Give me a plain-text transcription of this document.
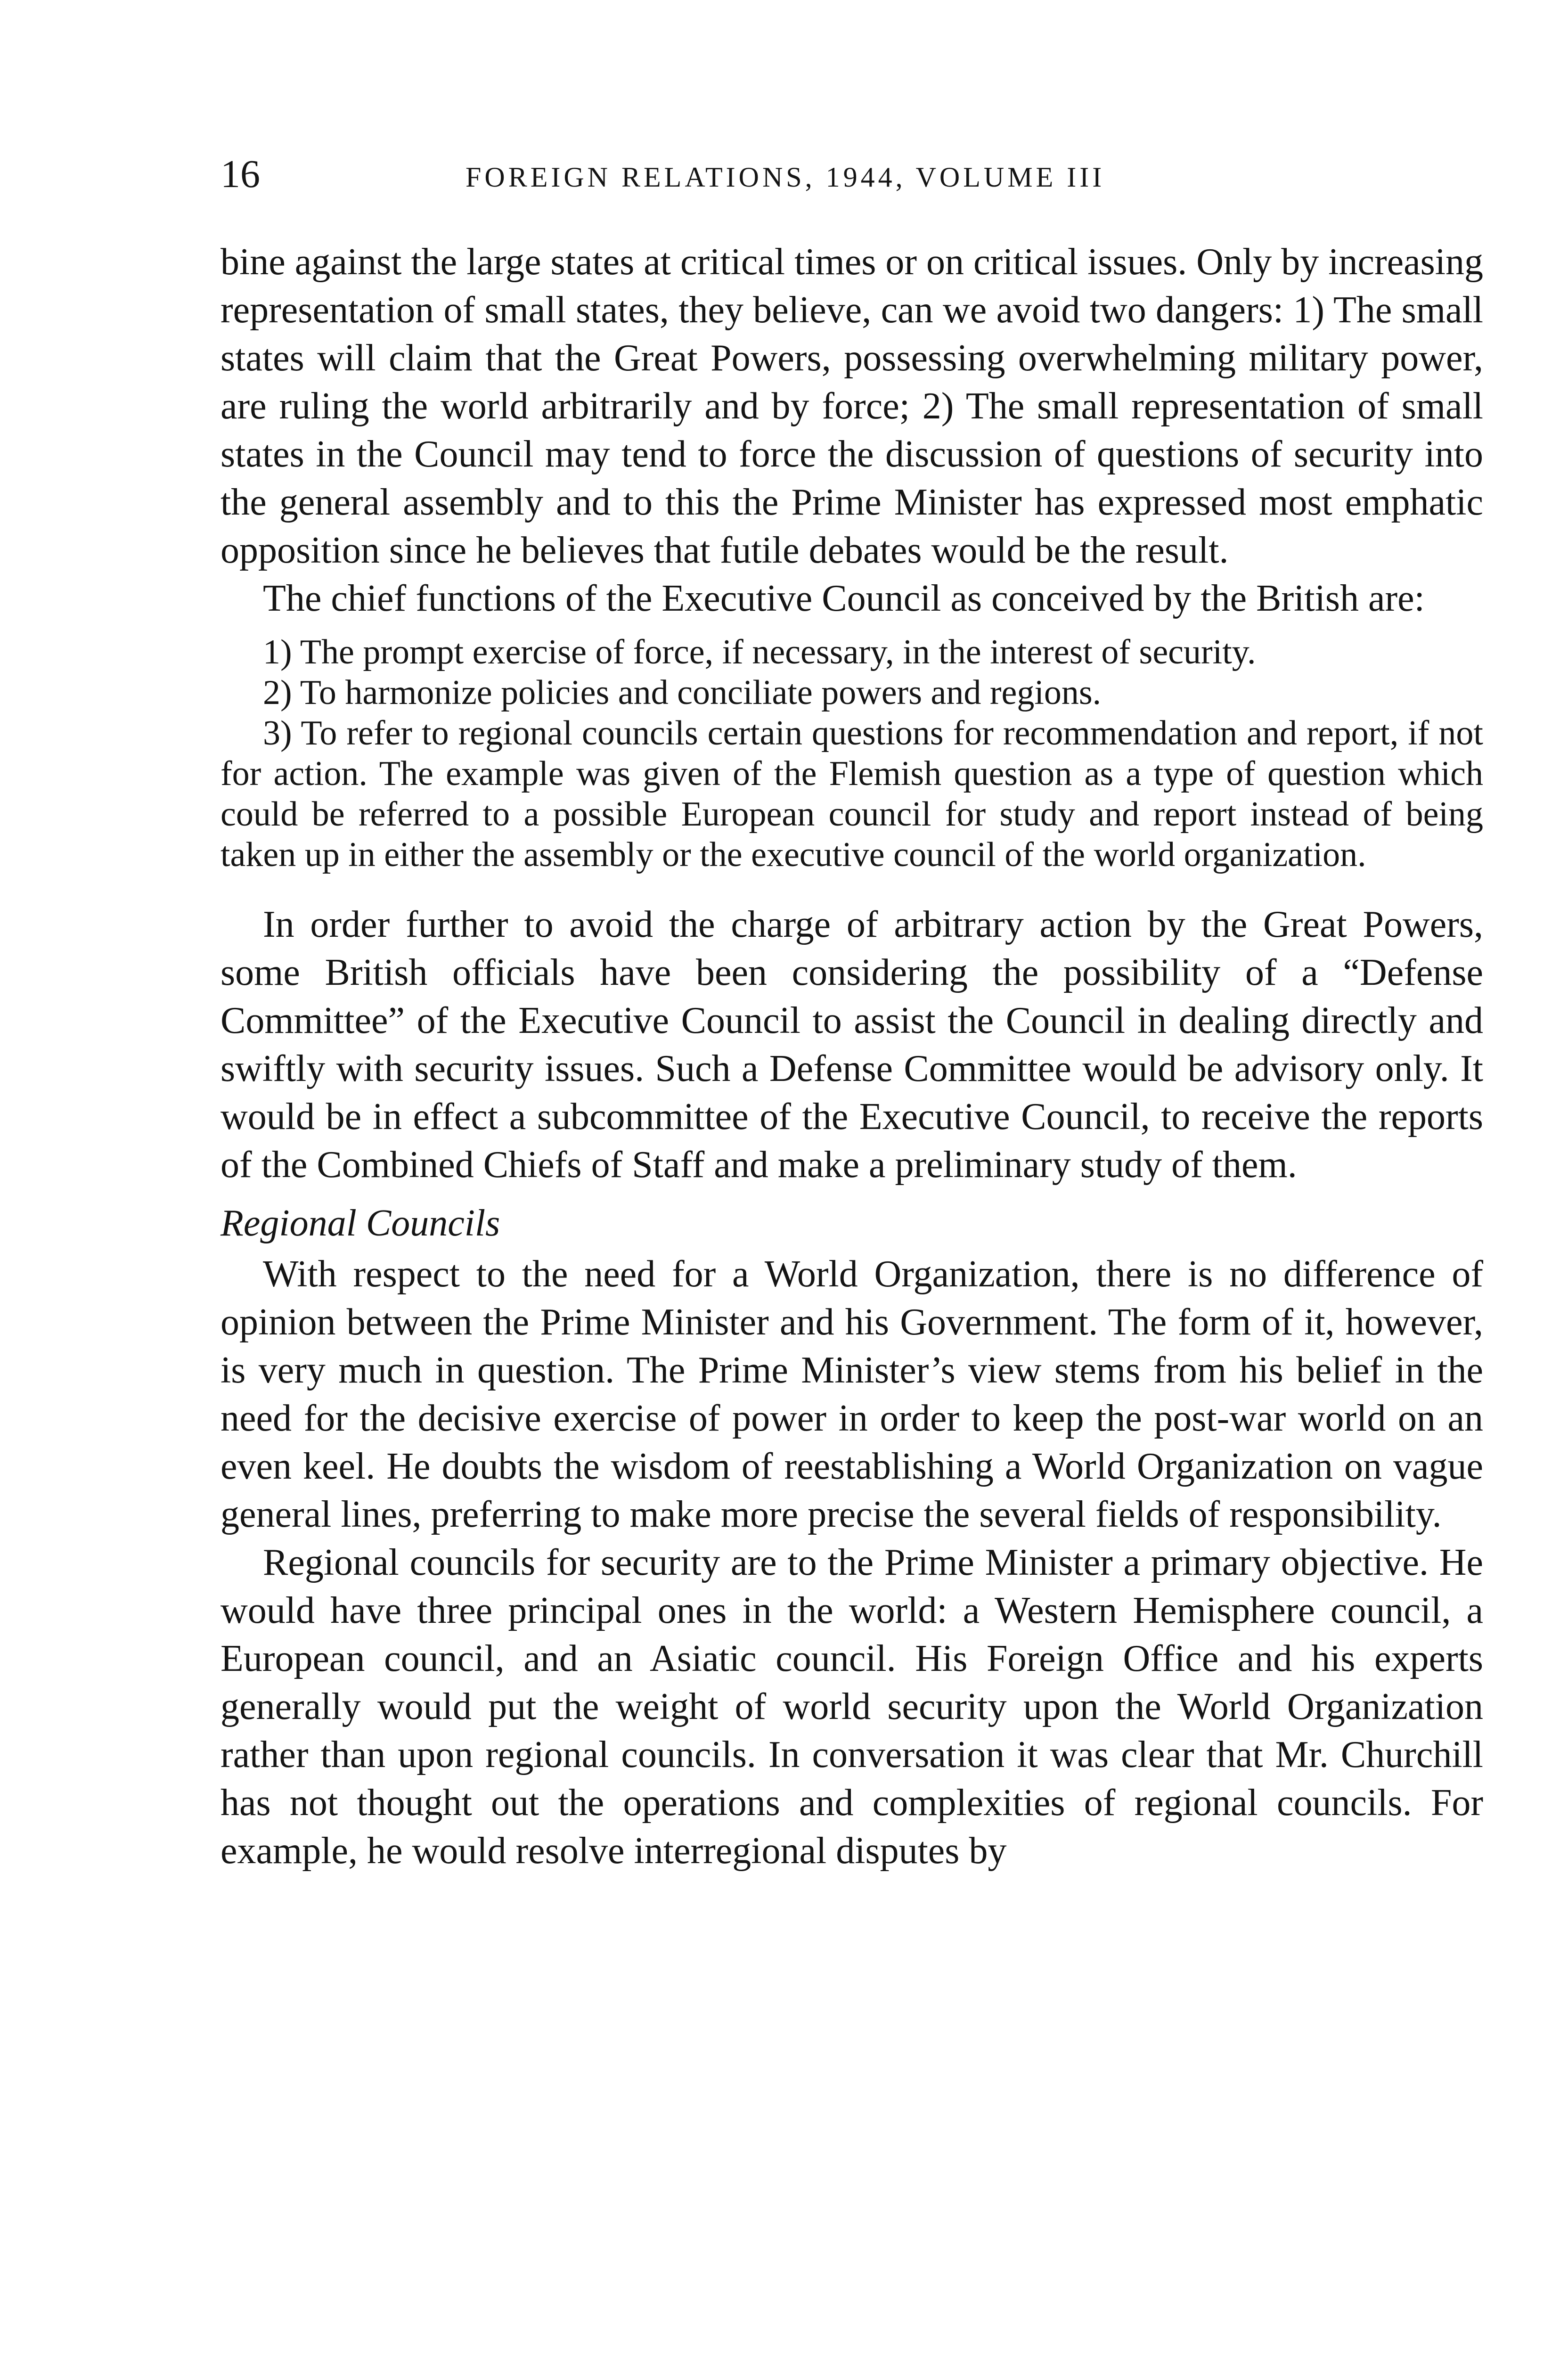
16	FOREIGN RELATIONS, 1944, VOLUME III

bine against the large states at critical times or on critical issues. Only by increasing representation of small states, they believe, can we avoid two dangers: 1) The small states will claim that the Great Powers, possessing overwhelming military power, are ruling the world arbitrarily and by force; 2) The small representation of small states in the Council may tend to force the discussion of questions of security into the general assembly and to this the Prime Minister has expressed most emphatic opposition since he believes that futile debates would be the result.

The chief functions of the Executive Council as conceived by the British are:

1) The prompt exercise of force, if necessary, in the interest of security.

2) To harmonize policies and conciliate powers and regions.

3) To refer to regional councils certain questions for recommendation and report, if not for action. The example was given of the Flemish question as a type of question which could be referred to a possible European council for study and report instead of being taken up in either the assembly or the executive council of the world organization.

In order further to avoid the charge of arbitrary action by the Great Powers, some British officials have been considering the possibility of a “Defense Committee” of the Executive Council to assist the Council in dealing directly and swiftly with security issues. Such a Defense Committee would be advisory only. It would be in effect a subcommittee of the Executive Council, to receive the reports of the Combined Chiefs of Staff and make a preliminary study of them.

Regional Councils

With respect to the need for a World Organization, there is no difference of opinion between the Prime Minister and his Government. The form of it, however, is very much in question. The Prime Minister’s view stems from his belief in the need for the decisive exercise of power in order to keep the post-war world on an even keel. He doubts the wisdom of reestablishing a World Organization on vague general lines, preferring to make more precise the several fields of responsibility.

Regional councils for security are to the Prime Minister a primary objective. He would have three principal ones in the world: a Western Hemisphere council, a European council, and an Asiatic council. His Foreign Office and his experts generally would put the weight of world security upon the World Organization rather than upon regional councils. In conversation it was clear that Mr. Churchill has not thought out the operations and complexities of regional councils. For example, he would resolve interregional disputes by
